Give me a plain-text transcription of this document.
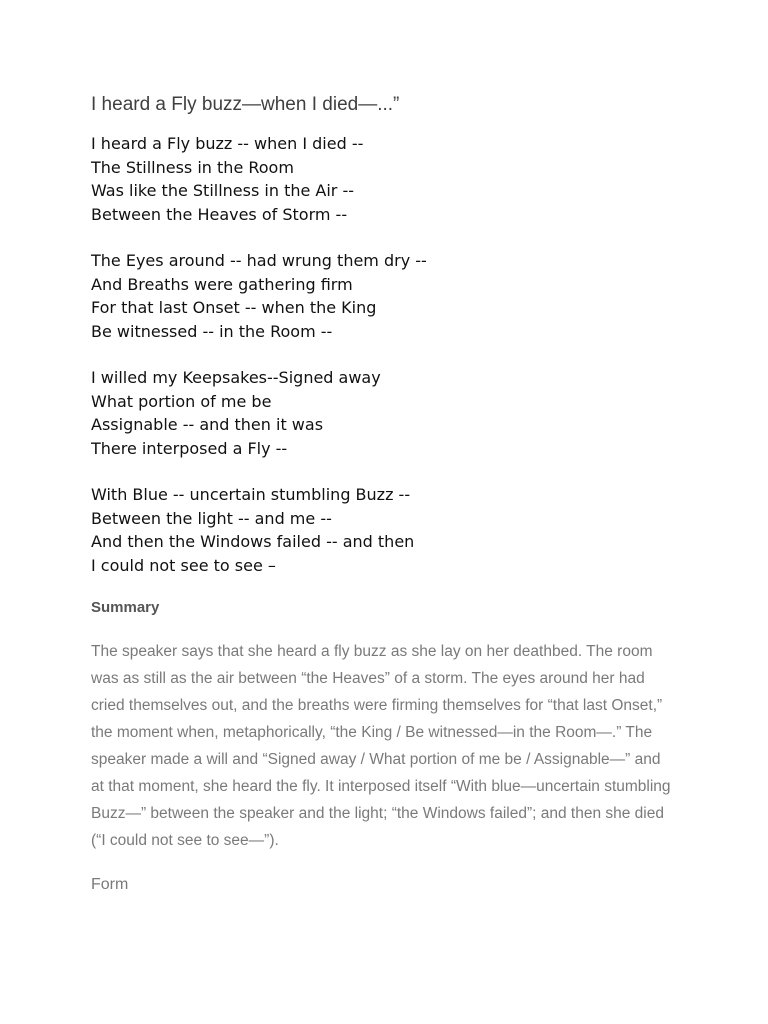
I heard a Fly buzz—when I died—...”
I heard a Fly buzz -- when I died --
The Stillness in the Room
Was like the Stillness in the Air --
Between the Heaves of Storm --
The Eyes around -- had wrung them dry --
And Breaths were gathering firm
For that last Onset -- when the King
Be witnessed -- in the Room --
I willed my Keepsakes--Signed away
What portion of me be
Assignable -- and then it was
There interposed a Fly --
With Blue -- uncertain stumbling Buzz --
Between the light -- and me --
And then the Windows failed -- and then
I could not see to see –
Summary

The speaker says that she heard a fly buzz as she lay on her deathbed. The room was as still as the air between “the Heaves” of a storm. The eyes around her had cried themselves out, and the breaths were firming themselves for “that last Onset,” the moment when, metaphorically, “the King / Be witnessed—in the Room—.” The speaker made a will and “Signed away / What portion of me be / Assignable—” and at that moment, she heard the fly. It interposed itself “With blue—uncertain stumbling Buzz—” between the speaker and the light; “the Windows failed”; and then she died (“I could not see to see—”).

Form
